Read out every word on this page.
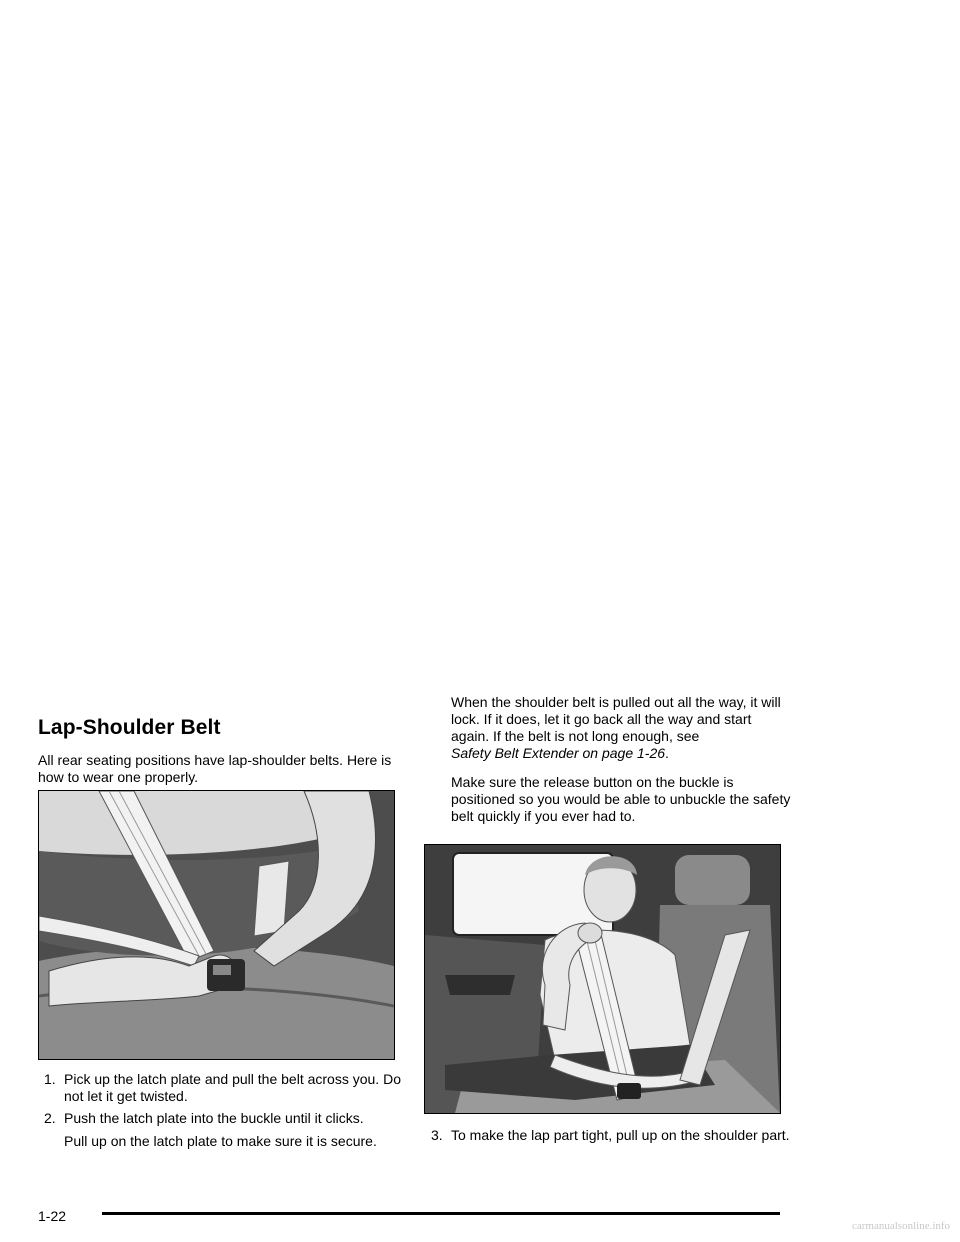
Lap-Shoulder Belt

All rear seating positions have lap-shoulder belts. Here is how to wear one properly.

1. Pick up the latch plate and pull the belt across you. Do not let it get twisted.
2. Push the latch plate into the buckle until it clicks.

Pull up on the latch plate to make sure it is secure.

When the shoulder belt is pulled out all the way, it will lock. If it does, let it go back all the way and start again. If the belt is not long enough, see
Safety Belt Extender on page 1-26.

Make sure the release button on the buckle is positioned so you would be able to unbuckle the safety belt quickly if you ever had to.

3. To make the lap part tight, pull up on the shoulder part.
1-22
carmanualsonline.info
